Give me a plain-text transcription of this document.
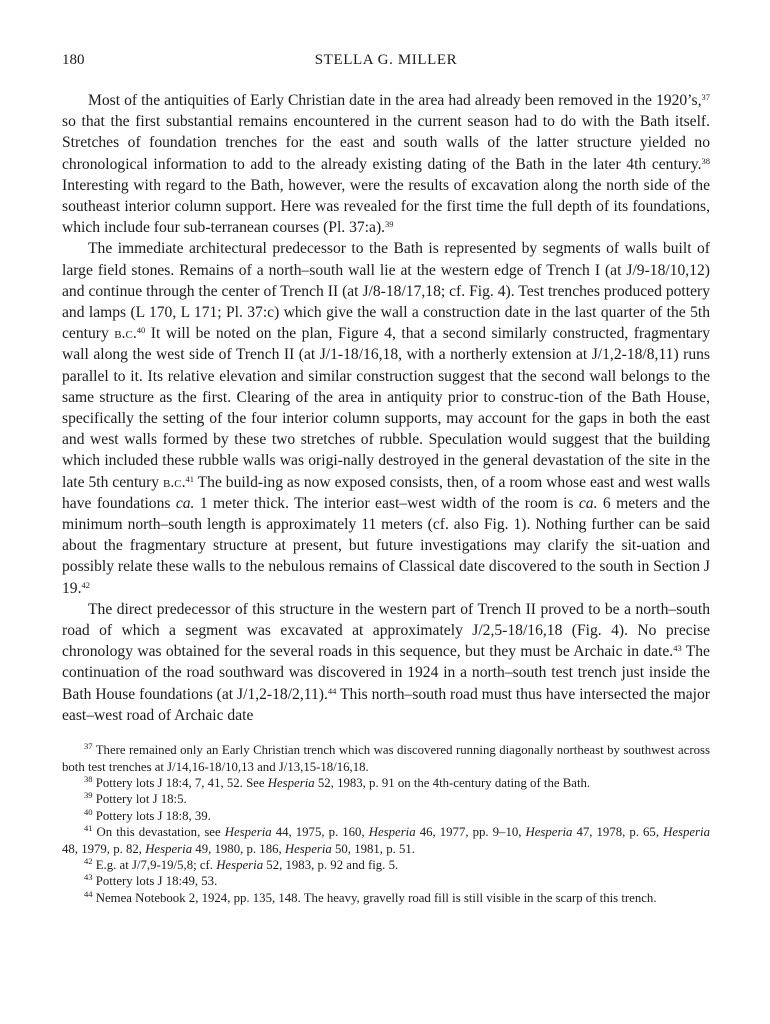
180	STELLA G. MILLER

Most of the antiquities of Early Christian date in the area had already been removed in the 1920’s,$^{37}$ so that the first substantial remains encountered in the current season had to do with the Bath itself. Stretches of foundation trenches for the east and south walls of the latter structure yielded no chronological information to add to the already existing dating of the Bath in the later 4th century.$^{38}$ Interesting with regard to the Bath, however, were the results of excavation along the north side of the southeast interior column support. Here was revealed for the first time the full depth of its foundations, which include four sub-terranean courses (Pl. 37:a).$^{39}$

The immediate architectural predecessor to the Bath is represented by segments of walls built of large field stones. Remains of a north–south wall lie at the western edge of Trench I (at J/9-18/10,12) and continue through the center of Trench II (at J/8-18/17,18; cf. Fig. 4). Test trenches produced pottery and lamps (L 170, L 171; Pl. 37:c) which give the wall a construction date in the last quarter of the 5th century b.c.$^{40}$ It will be noted on the plan, Figure 4, that a second similarly constructed, fragmentary wall along the west side of Trench II (at J/1-18/16,18, with a northerly extension at J/1,2-18/8,11) runs parallel to it. Its relative elevation and similar construction suggest that the second wall belongs to the same structure as the first. Clearing of the area in antiquity prior to construc-tion of the Bath House, specifically the setting of the four interior column supports, may account for the gaps in both the east and west walls formed by these two stretches of rubble. Speculation would suggest that the building which included these rubble walls was origi-nally destroyed in the general devastation of the site in the late 5th century b.c.$^{41}$ The build-ing as now exposed consists, then, of a room whose east and west walls have foundations ca. 1 meter thick. The interior east–west width of the room is ca. 6 meters and the minimum north–south length is approximately 11 meters (cf. also Fig. 1). Nothing further can be said about the fragmentary structure at present, but future investigations may clarify the sit-uation and possibly relate these walls to the nebulous remains of Classical date discovered to the south in Section J 19.42

The direct predecessor of this structure in the western part of Trench II proved to be a north–south road of which a segment was excavated at approximately J/2,5-18/16,18 (Fig. 4). No precise chronology was obtained for the several roads in this sequence, but they must be Archaic in date.$^{43}$ The continuation of the road southward was discovered in 1924 in a north–south test trench just inside the Bath House foundations (at J/1,2-18/2,11).$^{44}$ This north–south road must thus have intersected the major east–west road of Archaic date

$^{37}$ There remained only an Early Christian trench which was discovered running diagonally northeast by southwest across both test trenches at J/14,16-18/10,13 and J/13,15-18/16,18.

$^{38}$ Pottery lots J 18:4, 7, 41, 52. See Hesperia 52, 1983, p. 91 on the 4th-century dating of the Bath.

$^{39}$ Pottery lot J 18:5.

$^{40}$ Pottery lots J 18:8, 39.

$^{41}$ On this devastation, see Hesperia 44, 1975, p. 160, Hesperia 46, 1977, pp. 9–10, Hesperia 47, 1978, p. 65, Hesperia 48, 1979, p. 82, Hesperia 49, 1980, p. 186, Hesperia 50, 1981, p. 51.

$^{42}$ E.g. at J/7,9-19/5,8; cf. Hesperia 52, 1983, p. 92 and fig. 5.

$^{43}$ Pottery lots J 18:49, 53.

$^{44}$ Nemea Notebook 2, 1924, pp. 135, 148. The heavy, gravelly road fill is still visible in the scarp of this trench.
